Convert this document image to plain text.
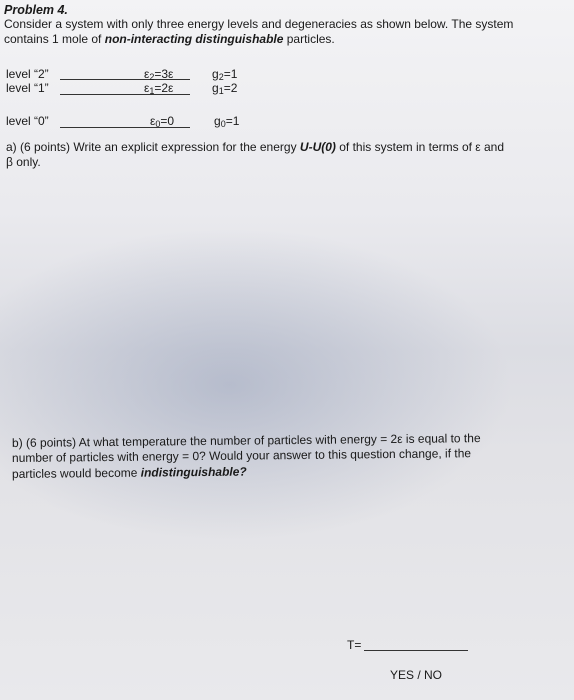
Problem 4.
Consider a system with only three energy levels and degeneracies as shown below. The system
contains 1 mole of non-interacting distinguishable particles.
level “2”	$\varepsilon_2=3\varepsilon$	$g_2=1$
level “1”	$\varepsilon_1=2\varepsilon$	$g_1=2$
level “0”	$\varepsilon_0=0$	$g_0=1$
a) (6 points) Write an explicit expression for the energy U-U(0) of this system in terms of ε and
β only.
b) (6 points) At what temperature the number of particles with energy = 2ε is equal to the
number of particles with energy = 0? Would your answer to this question change, if the
particles would become indistinguishable?
T=
YES / NO
